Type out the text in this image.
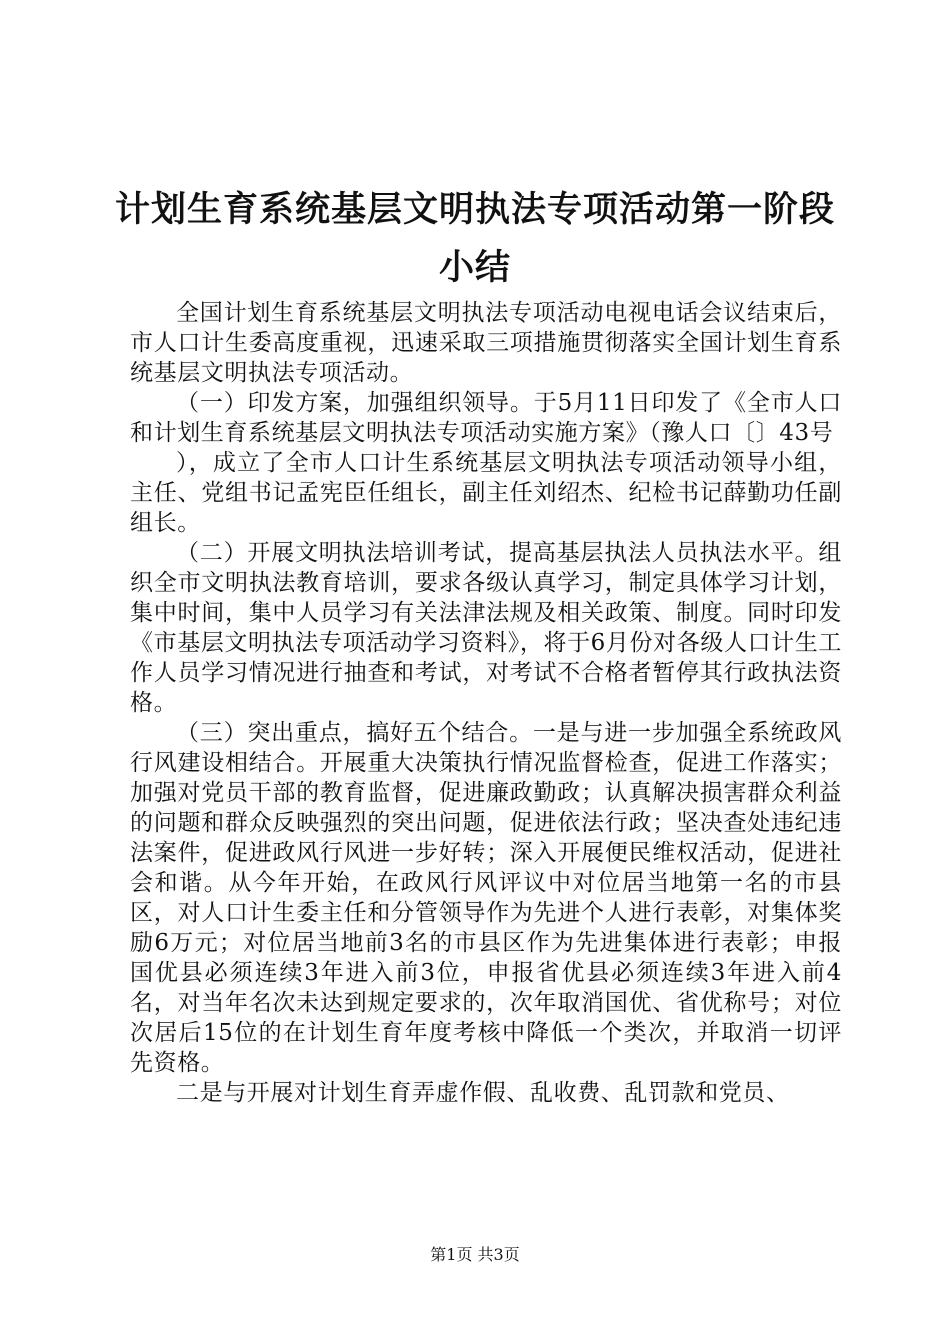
计划生育系统基层文明执法专项活动第一阶段
小结

全国计划生育系统基层文明执法专项活动电视电话会议结束后，市人口计生委高度重视，迅速采取三项措施贯彻落实全国计划生育系统基层文明执法专项活动。

（一）印发方案，加强组织领导。于5月11日印发了《全市人口和计划生育系统基层文明执法专项活动实施方案》（豫人口〔〕43号

），成立了全市人口计生系统基层文明执法专项活动领导小组，主任、党组书记孟宪臣任组长，副主任刘绍杰、纪检书记薛勤功任副组长。

（二）开展文明执法培训考试，提高基层执法人员执法水平。组织全市文明执法教育培训，要求各级认真学习，制定具体学习计划，集中时间，集中人员学习有关法津法规及相关政策、制度。同时印发《市基层文明执法专项活动学习资料》，将于6月份对各级人口计生工作人员学习情况进行抽查和考试，对考试不合格者暂停其行政执法资格。

（三）突出重点，搞好五个结合。一是与进一步加强全系统政风行风建设相结合。开展重大决策执行情况监督检查，促进工作落实；加强对党员干部的教育监督，促进廉政勤政；认真解决损害群众利益的问题和群众反映强烈的突出问题，促进依法行政；坚决查处违纪违法案件，促进政风行风进一步好转；深入开展便民维权活动，促进社会和谐。从今年开始，在政风行风评议中对位居当地第一名的市县区，对人口计生委主任和分管领导作为先进个人进行表彰，对集体奖励6万元；对位居当地前3名的市县区作为先进集体进行表彰；申报国优县必须连续3年进入前3位，申报省优县必须连续3年进入前4名，对当年名次未达到规定要求的，次年取消国优、省优称号；对位次居后15位的在计划生育年度考核中降低一个类次，并取消一切评先资格。

二是与开展对计划生育弄虚作假、乱收费、乱罚款和党员、

第1页 共3页
